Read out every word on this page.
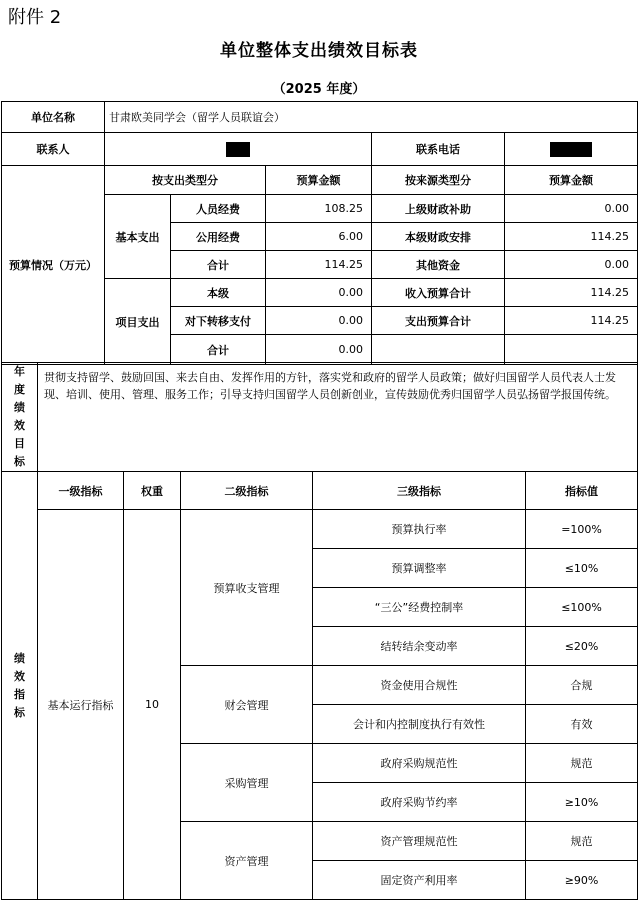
附件 2
单位整体支出绩效目标表
（2025 年度）
单位名称	甘肃欧美同学会（留学人员联谊会）				
联系人				联系电话	
预算情况（万元）	按支出类型分		预算金额	按来源类型分	预算金额
	基本支出	人员经费	108.25	上级财政补助	0.00
		公用经费	6.00	本级财政安排	114.25
		合计	114.25	其他资金	0.00
	项目支出	本级	0.00	收入预算合计	114.25
		对下转移支付	0.00	支出预算合计	114.25
		合计	0.00		
年度绩效目标	贯彻支持留学、鼓励回国、来去自由、发挥作用的方针，落实党和政府的留学人员政策；做好归国留学人员代表人士发现、培训、使用、管理、服务工作；引导支持归国留学人员创新创业，宣传鼓励优秀归国留学人员弘扬留学报国传统。				

绩效指标	一级指标	权重	二级指标	三级指标	指标值
	基本运行指标	10	预算收支管理	预算执行率	=100%
				预算调整率	≤10%
				“三公”经费控制率	≤100%
				结转结余变动率	≤20%
			财会管理	资金使用合规性	合规
				会计和内控制度执行有效性	有效
			采购管理	政府采购规范性	规范
				政府采购节约率	≥10%
			资产管理	资产管理规范性	规范
				固定资产利用率	≥90%
